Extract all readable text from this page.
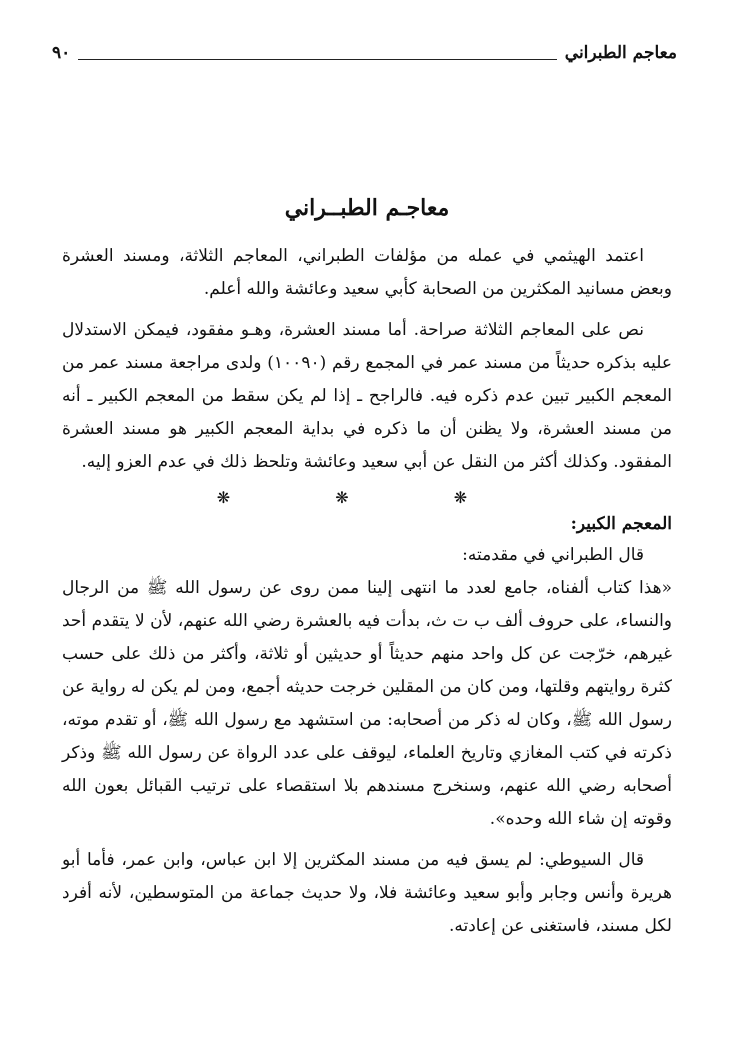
معاجم الطبراني
٩٠
معاجـم الطبــراني

اعتمد الهيثمي في عمله من مؤلفات الطبراني، المعاجم الثلاثة، ومسند العشرة وبعض مسانيد المكثرين من الصحابة كأبي سعيد وعائشة والله أعلم.

نص على المعاجم الثلاثة صراحة. أما مسند العشرة، وهـو مفقود، فيمكن الاستدلال عليه بذكره حديثاً من مسند عمر في المجمع رقم (١٠٠٩٠) ولدى مراجعة مسند عمر من المعجم الكبير تبين عدم ذكره فيه. فالراجح ـ إذا لم يكن سقط من المعجم الكبير ـ أنه من مسند العشرة، ولا يظنن أن ما ذكره في بداية المعجم الكبير هو مسند العشرة المفقود. وكذلك أكثر من النقل عن أبي سعيد وعائشة وتلحظ ذلك في عدم العزو إليه.

❋ ❋ ❋
المعجم الكبير:

قال الطبراني في مقدمته:

«هذا كتاب ألفناه، جامع لعدد ما انتهى إلينا ممن روى عن رسول الله ﷺ من الرجال والنساء، على حروف ألف ب ت ث، بدأت فيه بالعشرة رضي الله عنهم، لأن لا يتقدم أحد غيرهم، خرّجت عن كل واحد منهم حديثاً أو حديثين أو ثلاثة، وأكثر من ذلك على حسب كثرة روايتهم وقلتها، ومن كان من المقلين خرجت حديثه أجمع، ومن لم يكن له رواية عن رسول الله ﷺ، وكان له ذكر من أصحابه: من استشهد مع رسول الله ﷺ، أو تقدم موته، ذكرته في كتب المغازي وتاريخ العلماء، ليوقف على عدد الرواة عن رسول الله ﷺ وذكر أصحابه رضي الله عنهم، وسنخرج مسندهم بلا استقصاء على ترتيب القبائل بعون الله وقوته إن شاء الله وحده».

قال السيوطي: لم يسق فيه من مسند المكثرين إلا ابن عباس، وابن عمر، فأما أبو هريرة وأنس وجابر وأبو سعيد وعائشة فلا، ولا حديث جماعة من المتوسطين، لأنه أفرد لكل مسند، فاستغنى عن إعادته.
